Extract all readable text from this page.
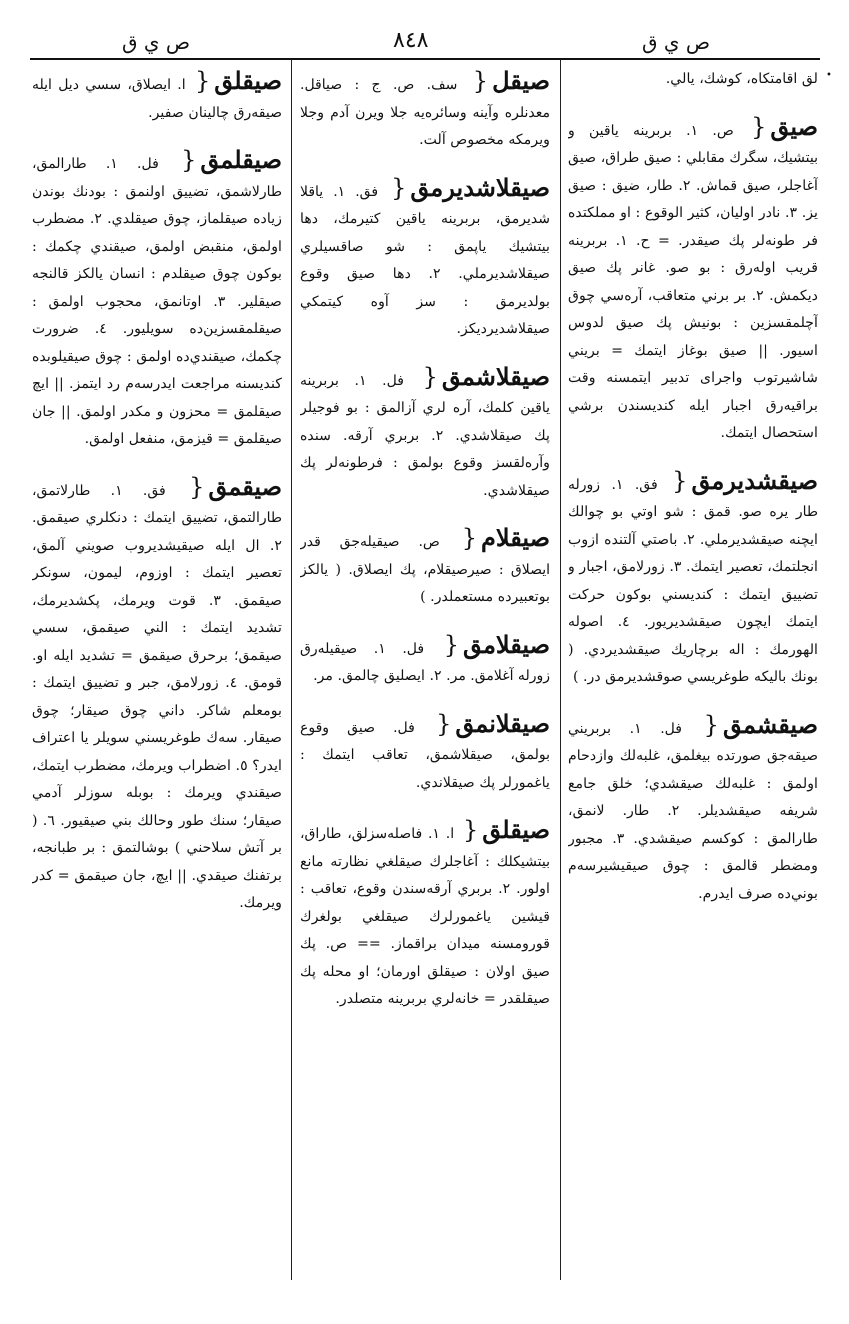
ص ي ق	٨٤٨	ص ي ق
•

لق اقامتكاه، كوشك، يالي.

صيق{ ص. ١. بربرينه ياقين و بيتشيك، سگرك مقابلي : صيق طراق، صيق آغاجلر، صيق قماش. ٢. طار، ضيق : صيق يز. ٣. نادر اوليان، كثير الوقوع : او مملكتده فر طونه‌لر پك صيقدر. = ح. ١. بربرينه قريب اوله‌رق : بو صو. غانر پك صيق ديكمش. ٢. بر برني متعاقب، آره‌سي چوق آچلمقسزين : بونيش پك صيق لدوس اسيور. || صيق بوغاز ايتمك = بريني شاشيرتوب واجراى تدبير ايتمسنه وقت براقيه‌رق اجبار ايله كنديسندن برشي استحصال ايتمك.

صيقشديرمق{ فق. ١. زورله طار يره صو. قمق : شو اوتي بو چوالك ايچنه صيقشديرملي. ٢. باصتي آلتنده ازوب انجلتمك، تعصير ايتمك. ٣. زورلامق، اجبار و تضييق ايتمك : كنديسني بوكون حركت ايتمك ايچون صيقشديريور. ٤. اصوله الهورمك : اله برچاريك صيقشديردي. ( بونك باليكه طوغريسي صوقشديرمق در. )

صيقشمق{ فل. ١. بربريني صيقه‌جق صورتده بيغلمق، غلبه‌لك وازدحام اولمق : غلبه‌لك صيقشدي؛ خلق جامع شريفه صيقشديلر. ٢. طار. لانمق، طارالمق : كوكسم صيقشدي. ٣. مجبور ومضطر قالمق : چوق صيقيشيرسه‌م بوني‌ده صرف ايدرم.

صيقل{ سف. ص. ج : صياقل. معدنلره وآينه وسائره‌يه جلا ويرن آدم وجلا ويرمكه مخصوص آلت.

صيقلاشديرمق{ فق. ١. ياقلا شديرمق، بربرينه ياقين كتيرمك، دها بيتشيك ياپمق : شو صاقسيلري صيقلاشديرملي. ٢. دها صيق وقوع بولديرمق : سز آوه كيتمكي صيقلاشديرديكز.

صيقلاشمق{ فل. ١. بربرينه ياقين كلمك، آره لري آزالمق : بو فوجيلر پك صيقلاشدي. ٢. بربري آرقه. سنده وآره‌لقسز وقوع بولمق : فرطونه‌لر پك صيقلاشدي.

صيقلام{ ص. صيقيله‌جق قدر ايصلاق : صيرصيقلام، پك ايصلاق. ( يالكز بوتعبيرده مستعملدر. )

صيقلامق{ فل. ١. صيقيله‌رق زورله آغلامق. مر. ٢. ايصليق چالمق. مر.

صيقلانمق{ فل. صيق وقوع بولمق، صيقلاشمق، تعاقب ايتمك : ياغمورلر پك صيقلاندي.

صيقلق{ ا. ١. فاصله‌سزلق، طاراق، بيتشيكلك : آغاجلرك صيقلغي نظارته مانع اولور. ٢. بربري آرقه‌سندن وقوع، تعاقب : قيشين ياغمورلرك صيقلغي بولغرك قورومسنه ميدان براقماز. == ص. پك صيق اولان : صيقلق اورمان؛ او محله پك صيقلقدر = خانه‌لري بربرينه متصلدر.

صيقلق{ ا. ايصلاق، سسي ديل ايله صيقه‌رق چالينان صفير.

صيقلمق{ فل. ١. طارالمق، طارلاشمق، تضييق اولنمق : بودنك بوندن زياده صيقلماز، چوق صيقلدي. ٢. مضطرب اولمق، منقبض اولمق، صيقندي چكمك : بوكون چوق صيقلدم : انسان يالكز قالنجه صيقلير. ٣. اوتانمق، محجوب اولمق : صيقلمقسزين‌ده سويليور. ٤. ضرورت چكمك، صيقندي‌ده اولمق : چوق صيقيلوبده كنديسنه مراجعت ايدرسه‌م رد ايتمز. || ايچ صيقلمق = محزون و مكدر اولمق. || جان صيقلمق = قيزمق، منفعل اولمق.

صيقمق{ فق. ١. طارلاتمق، طارالتمق، تضييق ايتمك : دنكلري صيقمق. ٢. ال ايله صيقيشديروب صويني آلمق، تعصير ايتمك : اوزوم، ليمون، سونكر صيقمق. ٣. قوت ويرمك، پكشديرمك، تشديد ايتمك : الني صيقمق، سسي صيقمق؛ برحرق صيقمق = تشديد ايله او. قومق. ٤. زورلامق، جبر و تضييق ايتمك : بومعلم شاكر. داني چوق صيقار؛ چوق صيقار. سه‌ك طوغريسني سويلر يا اعتراف ايدر؟ ٥. اضطراب ويرمك، مضطرب ايتمك، صيقندي ويرمك : بوبله سوزلر آدمي صيقار؛ سنك طور وحالك بني صيقيور. ٦. ( بر آتش سلاحني ) بوشالتمق : بر طبانجه، برتفنك صيقدي. || ايچ، جان صيقمق = كدر ويرمك.
